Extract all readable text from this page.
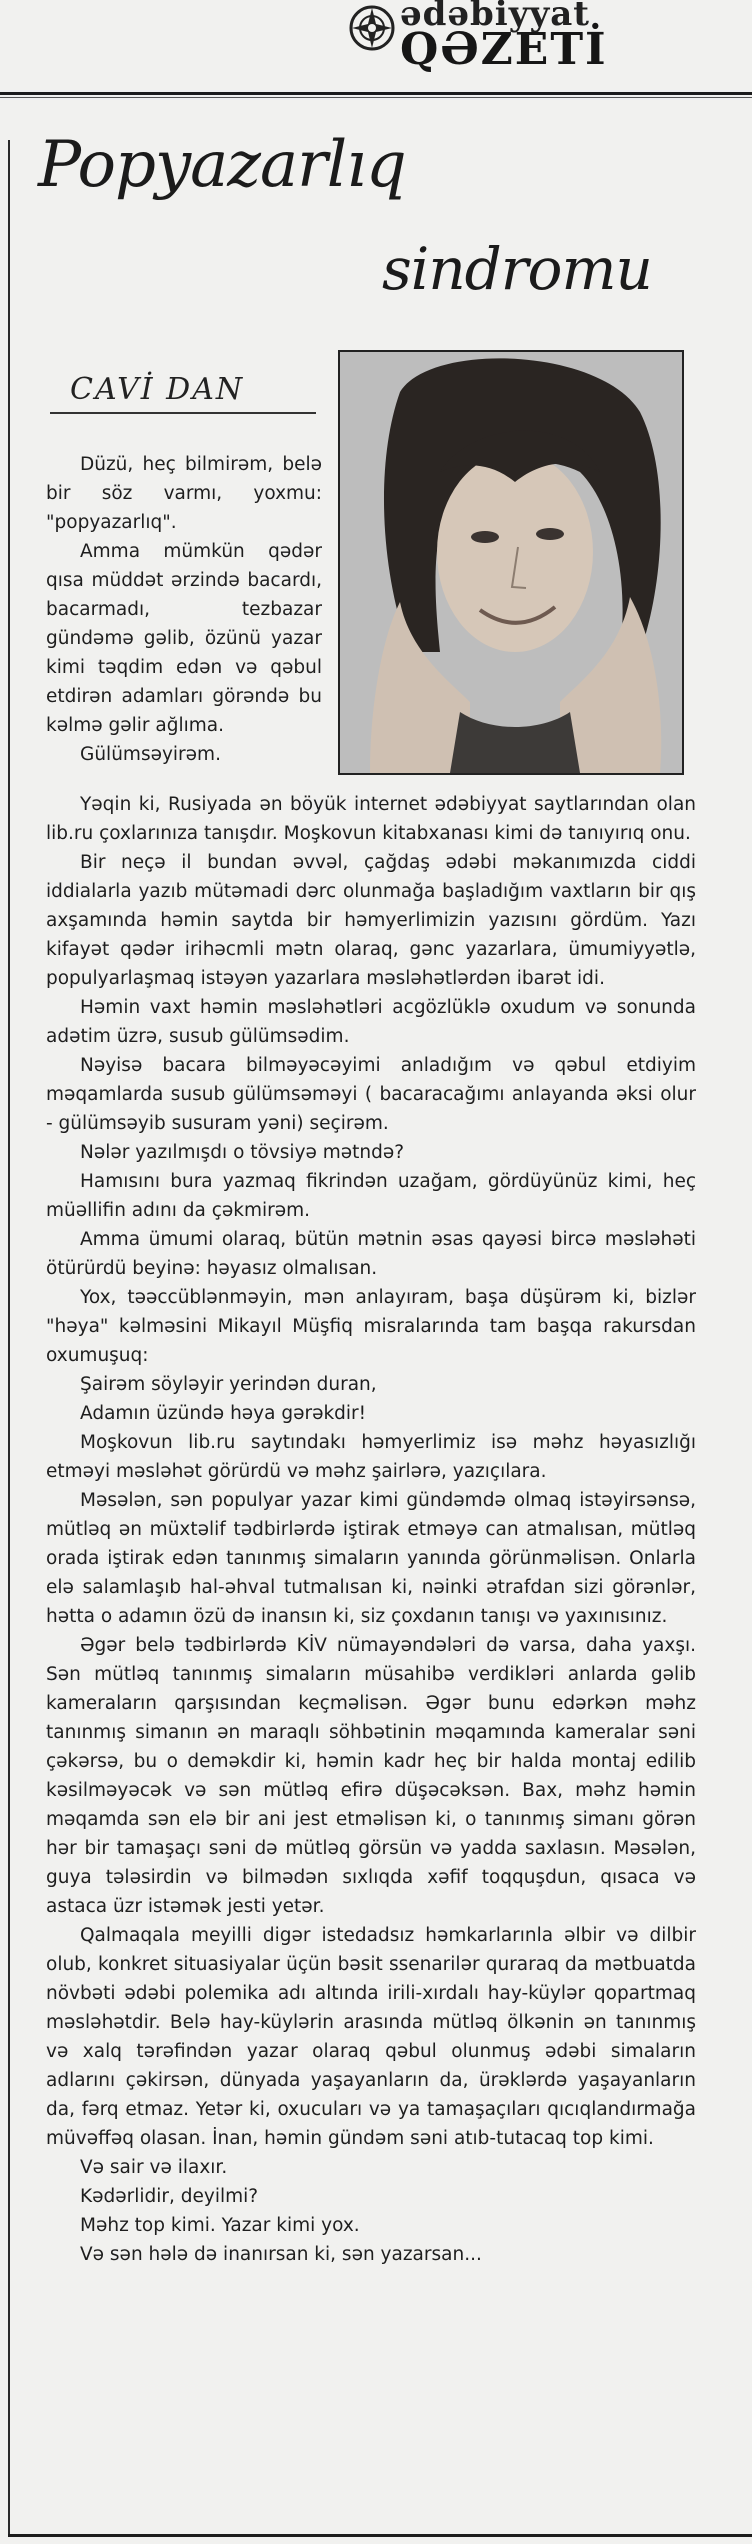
ədəbiyyat
QƏZETİ
Popyazarlıq
sindromu
CAVİ DAN

Düzü, heç bilmirəm, belə bir söz varmı, yoxmu: "popyazarlıq".

Amma mümkün qədər qısa müddət ərzində bacardı, bacarmadı, tezbazar gündəmə gəlib, özünü yazar kimi təqdim edən və qəbul etdirən adamları görəndə bu kəlmə gəlir ağlıma.

Gülümsəyirəm.

Yəqin ki, Rusiyada ən böyük internet ədəbiyyat saytlarından olan lib.ru çoxlarınıza tanışdır. Moşkovun kitabxanası kimi də tanıyırıq onu.

Bir neçə il bundan əvvəl, çağdaş ədəbi məkanımızda ciddi iddialarla yazıb mütəmadi dərc olunmağa başladığım vaxtların bir qış axşamında həmin saytda bir həmyerlimizin yazısını gördüm. Yazı kifayət qədər irihəcmli mətn olaraq, gənc yazarlara, ümumiyyətlə, populyarlaşmaq istəyən yazarlara məsləhətlərdən ibarət idi.

Həmin vaxt həmin məsləhətləri acgözlüklə oxudum və sonunda adətim üzrə, susub gülümsədim.

Nəyisə bacara bilməyəcəyimi anladığım və qəbul etdiyim məqamlarda susub gülümsəməyi ( bacaracağımı anlayanda əksi olur - gülümsəyib susuram yəni) seçirəm.

Nələr yazılmışdı o tövsiyə mətndə?

Hamısını bura yazmaq fikrindən uzağam, gördüyünüz kimi, heç müəllifin adını da çəkmirəm.

Amma ümumi olaraq, bütün mətnin əsas qayəsi bircə məsləhəti ötürürdü beyinə: həyasız olmalısan.

Yox, təəccüblənməyin, mən anlayıram, başa düşürəm ki, bizlər "həya" kəlməsini Mikayıl Müşfiq misralarında tam başqa rakursdan oxumuşuq:

Şairəm söyləyir yerindən duran,

Adamın üzündə həya gərəkdir!

Moşkovun lib.ru saytındakı həmyerlimiz isə məhz həyasızlığı etməyi məsləhət görürdü və məhz şairlərə, yazıçılara.

Məsələn, sən populyar yazar kimi gündəmdə olmaq istəyirsənsə, mütləq ən müxtəlif tədbirlərdə iştirak etməyə can atmalısan, mütləq orada iştirak edən tanınmış simaların yanında görünməlisən. Onlarla elə salamlaşıb hal-əhval tutmalısan ki, nəinki ətrafdan sizi görənlər, hətta o adamın özü də inansın ki, siz çoxdanın tanışı və yaxınısınız.

Əgər belə tədbirlərdə KİV nümayəndələri də varsa, daha yaxşı. Sən mütləq tanınmış simaların müsahibə verdikləri anlarda gəlib kameraların qarşısından keçməlisən. Əgər bunu edərkən məhz tanınmış simanın ən maraqlı söhbətinin məqamında kameralar səni çəkərsə, bu o deməkdir ki, həmin kadr heç bir halda montaj edilib kəsilməyəcək və sən mütləq efirə düşəcəksən. Bax, məhz həmin məqamda sən elə bir ani jest etməlisən ki, o tanınmış simanı görən hər bir tamaşaçı səni də mütləq görsün və yadda saxlasın. Məsələn, guya tələsirdin və bilmədən sıxlıqda xəfif toqquşdun, qısaca və astaca üzr istəmək jesti yetər.

Qalmaqala meyilli digər istedadsız həmkarlarınla əlbir və dilbir olub, konkret situasiyalar üçün bəsit ssenarilər quraraq da mətbuatda növbəti ədəbi polemika adı altında irili-xırdalı hay-küylər qopartmaq məsləhətdir. Belə hay-küylərin arasında mütləq ölkənin ən tanınmış və xalq tərəfindən yazar olaraq qəbul olunmuş ədəbi simaların adlarını çəkirsən, dünyada yaşayanların da, ürəklərdə yaşayanların da, fərq etmaz. Yetər ki, oxucuları və ya tamaşaçıları qıcıqlandırmağa müvəffəq olasan. İnan, həmin gündəm səni atıb-tutacaq top kimi.

Və sair və ilaxır.

Kədərlidir, deyilmi?

Məhz top kimi. Yazar kimi yox.

Və sən hələ də inanırsan ki, sən yazarsan...
